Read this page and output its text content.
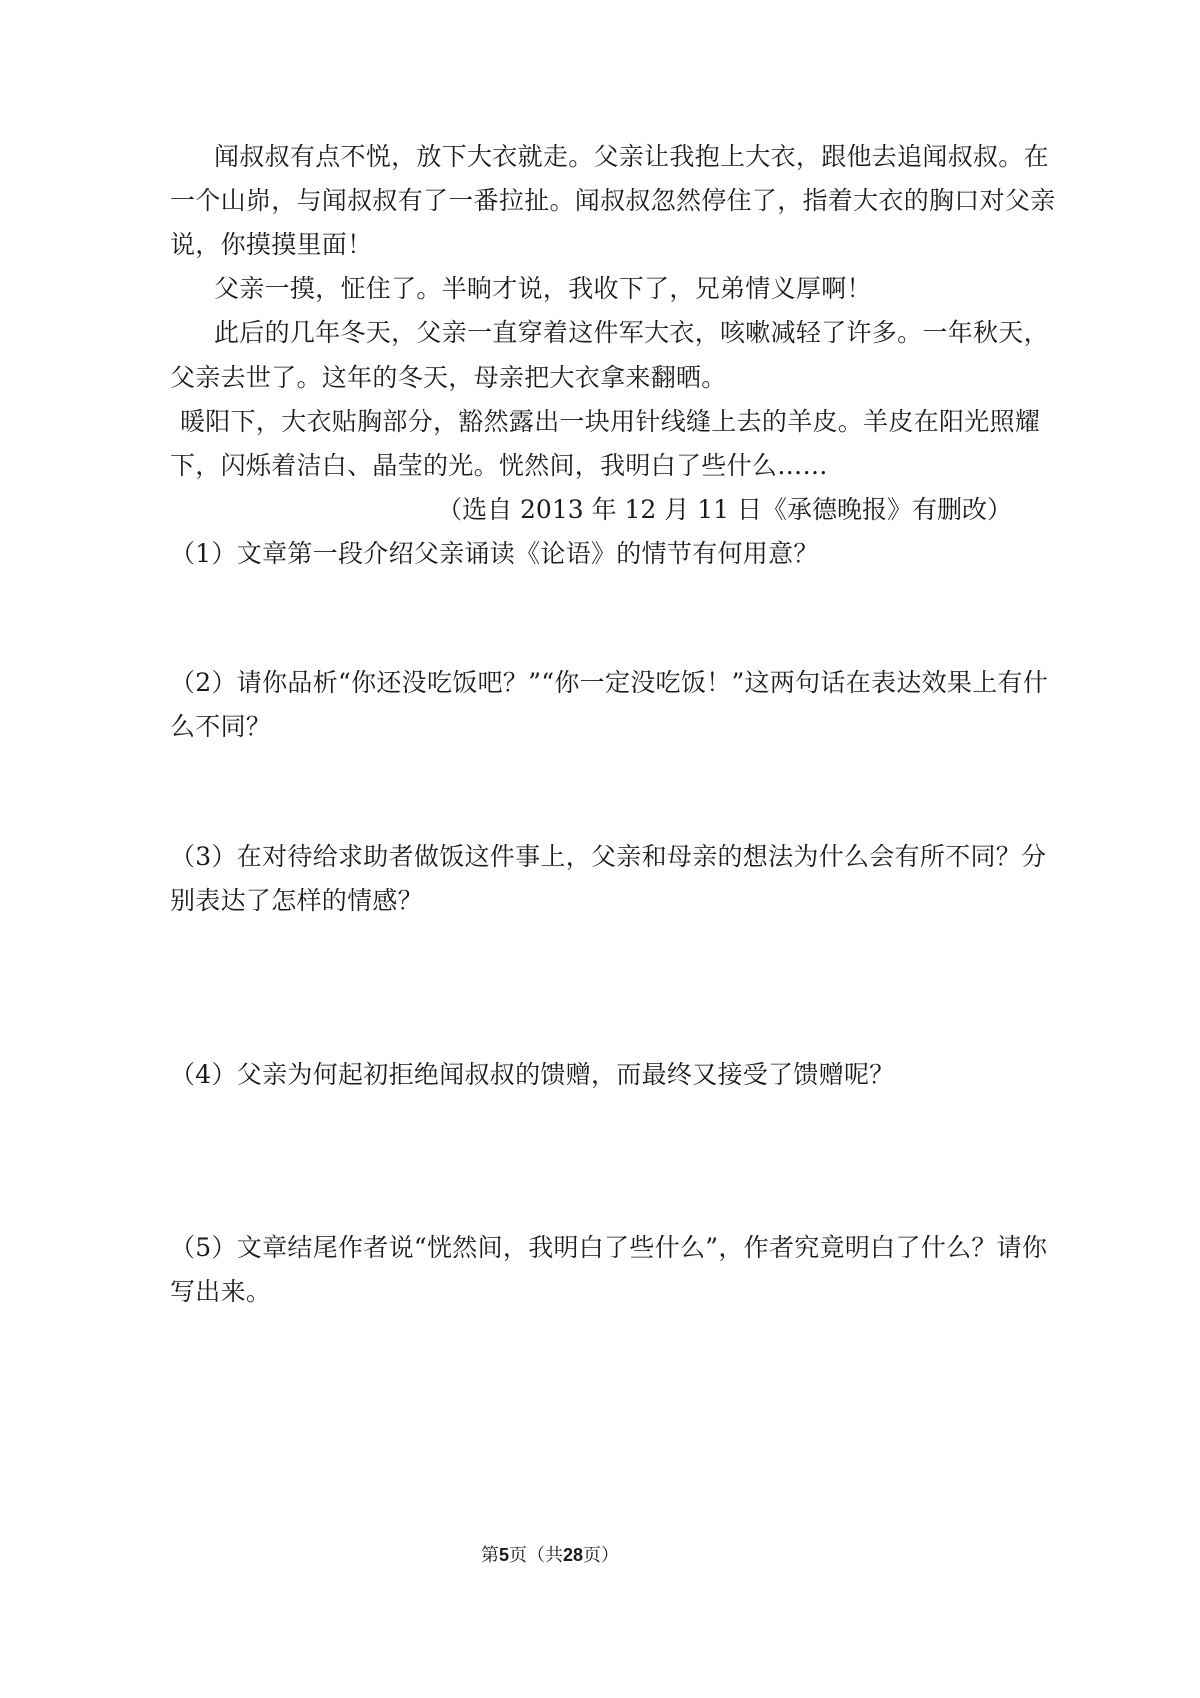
闻叔叔有点不悦，放下大衣就走。父亲让我抱上大衣，跟他去追闻叔叔。在
一个山峁，与闻叔叔有了一番拉扯。闻叔叔忽然停住了，指着大衣的胸口对父亲
说，你摸摸里面！
父亲一摸，怔住了。半晌才说，我收下了，兄弟情义厚啊！
此后的几年冬天，父亲一直穿着这件军大衣，咳嗽减轻了许多。一年秋天，
父亲去世了。这年的冬天，母亲把大衣拿来翻晒。
暖阳下，大衣贴胸部分，豁然露出一块用针线缝上去的羊皮。羊皮在阳光照耀
下，闪烁着洁白、晶莹的光。恍然间，我明白了些什么……
（选自 2013 年 12 月 11 日《承德晚报》有删改）
（1）文章第一段介绍父亲诵读《论语》的情节有何用意？
（2）请你品析“你还没吃饭吧？”“你一定没吃饭！”这两句话在表达效果上有什
么不同？
（3）在对待给求助者做饭这件事上，父亲和母亲的想法为什么会有所不同？分
别表达了怎样的情感？
（4）父亲为何起初拒绝闻叔叔的馈赠，而最终又接受了馈赠呢？
（5）文章结尾作者说“恍然间，我明白了些什么”，作者究竟明白了什么？请你
写出来。
第5页（共28页）
